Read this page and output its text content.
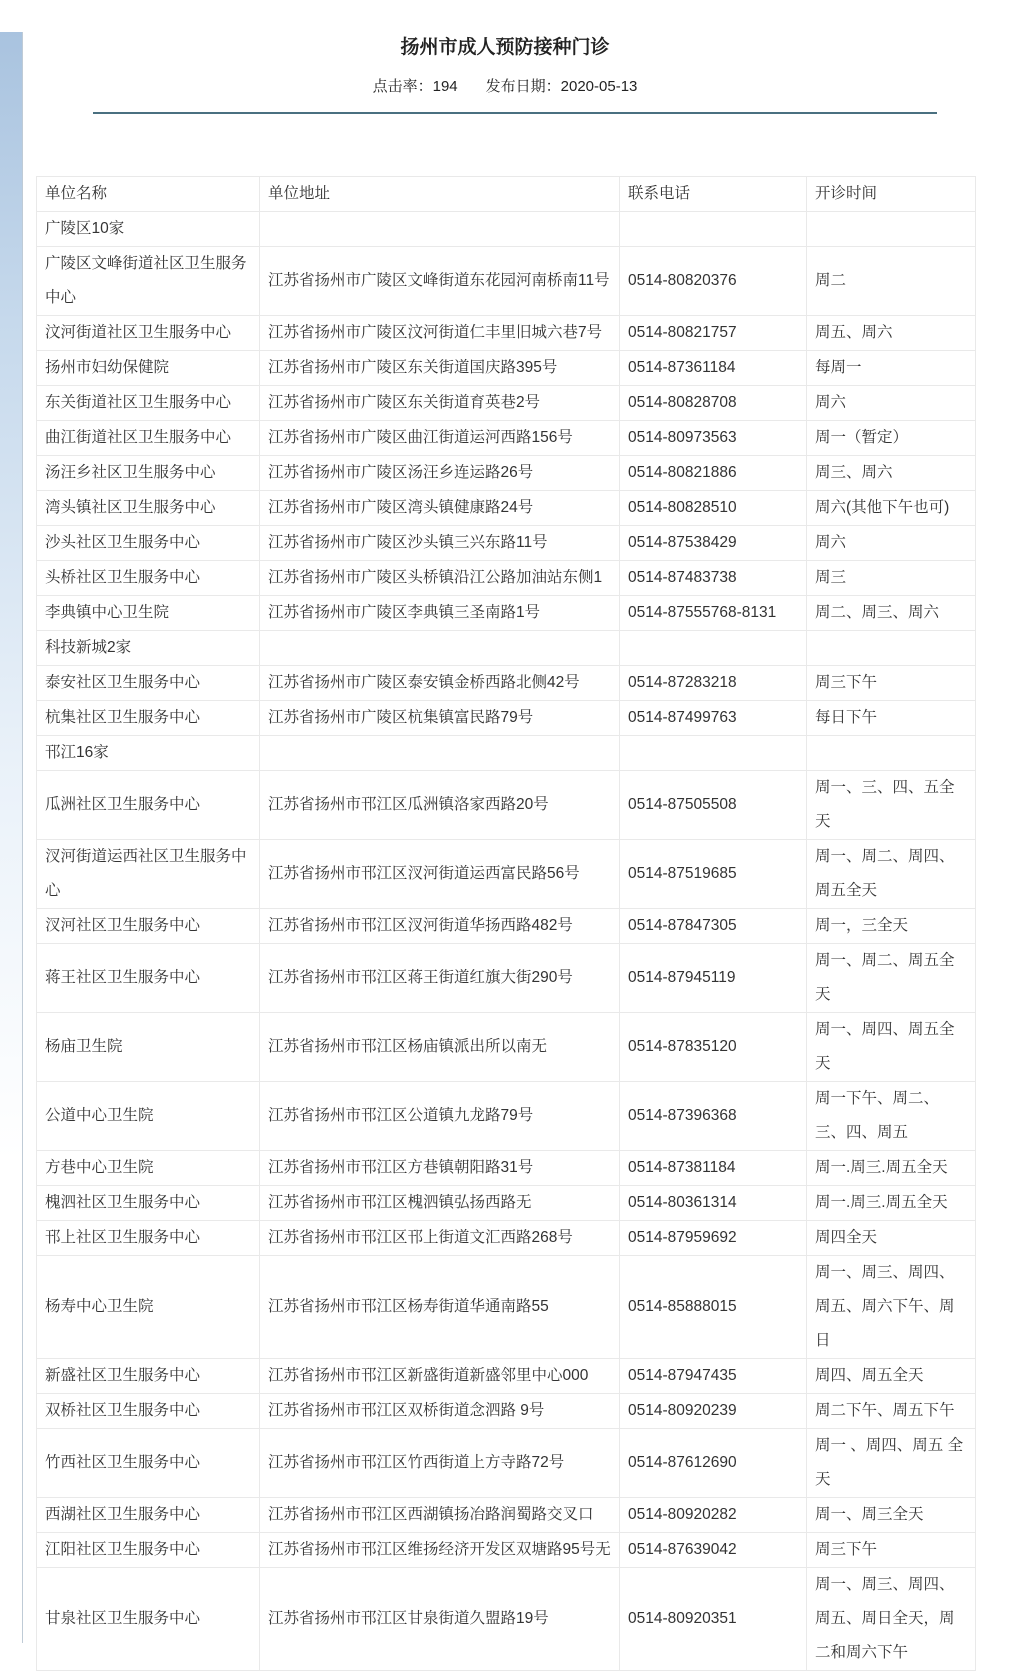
扬州市成人预防接种门诊
点击率：194 发布日期：2020-05-13
单位名称	单位地址	联系电话	开诊时间
广陵区10家			
广陵区文峰街道社区卫生服务中心	江苏省扬州市广陵区文峰街道东花园河南桥南11号	0514-80820376	周二
汶河街道社区卫生服务中心	江苏省扬州市广陵区汶河街道仁丰里旧城六巷7号	0514-80821757	周五、周六
扬州市妇幼保健院	江苏省扬州市广陵区东关街道国庆路395号	0514-87361184	每周一
东关街道社区卫生服务中心	江苏省扬州市广陵区东关街道育英巷2号	0514-80828708	周六
曲江街道社区卫生服务中心	江苏省扬州市广陵区曲江街道运河西路156号	0514-80973563	周一（暂定）
汤汪乡社区卫生服务中心	江苏省扬州市广陵区汤汪乡连运路26号	0514-80821886	周三、周六
湾头镇社区卫生服务中心	江苏省扬州市广陵区湾头镇健康路24号	0514-80828510	周六(其他下午也可)
沙头社区卫生服务中心	江苏省扬州市广陵区沙头镇三兴东路11号	0514-87538429	周六
头桥社区卫生服务中心	江苏省扬州市广陵区头桥镇沿江公路加油站东侧1	0514-87483738	周三
李典镇中心卫生院	江苏省扬州市广陵区李典镇三圣南路1号	0514-87555768-8131	周二、周三、周六
科技新城2家			
泰安社区卫生服务中心	江苏省扬州市广陵区泰安镇金桥西路北侧42号	0514-87283218	周三下午
杭集社区卫生服务中心	江苏省扬州市广陵区杭集镇富民路79号	0514-87499763	每日下午
邗江16家			
瓜洲社区卫生服务中心	江苏省扬州市邗江区瓜洲镇洛家西路20号	0514-87505508	周一、三、四、五全天
汊河街道运西社区卫生服务中心	江苏省扬州市邗江区汊河街道运西富民路56号	0514-87519685	周一、周二、周四、周五全天
汊河社区卫生服务中心	江苏省扬州市邗江区汊河街道华扬西路482号	0514-87847305	周一，三全天
蒋王社区卫生服务中心	江苏省扬州市邗江区蒋王街道红旗大街290号	0514-87945119	周一、周二、周五全天
杨庙卫生院	江苏省扬州市邗江区杨庙镇派出所以南无	0514-87835120	周一、周四、周五全天
公道中心卫生院	江苏省扬州市邗江区公道镇九龙路79号	0514-87396368	周一下午、周二、三、四、周五
方巷中心卫生院	江苏省扬州市邗江区方巷镇朝阳路31号	0514-87381184	周一.周三.周五全天
槐泗社区卫生服务中心	江苏省扬州市邗江区槐泗镇弘扬西路无	0514-80361314	周一.周三.周五全天
邗上社区卫生服务中心	江苏省扬州市邗江区邗上街道文汇西路268号	0514-87959692	周四全天
杨寿中心卫生院	江苏省扬州市邗江区杨寿街道华通南路55	0514-85888015	周一、周三、周四、周五、周六下午、周日
新盛社区卫生服务中心	江苏省扬州市邗江区新盛街道新盛邻里中心000	0514-87947435	周四、周五全天
双桥社区卫生服务中心	江苏省扬州市邗江区双桥街道念泗路 9号	0514-80920239	周二下午、周五下午
竹西社区卫生服务中心	江苏省扬州市邗江区竹西街道上方寺路72号	0514-87612690	周一 、周四、周五 全天
西湖社区卫生服务中心	江苏省扬州市邗江区西湖镇扬冶路润蜀路交叉口	0514-80920282	周一、周三全天
江阳社区卫生服务中心	江苏省扬州市邗江区维扬经济开发区双塘路95号无	0514-87639042	周三下午
甘泉社区卫生服务中心	江苏省扬州市邗江区甘泉街道久盟路19号	0514-80920351	周一、周三、周四、周五、周日全天，周二和周六下午
